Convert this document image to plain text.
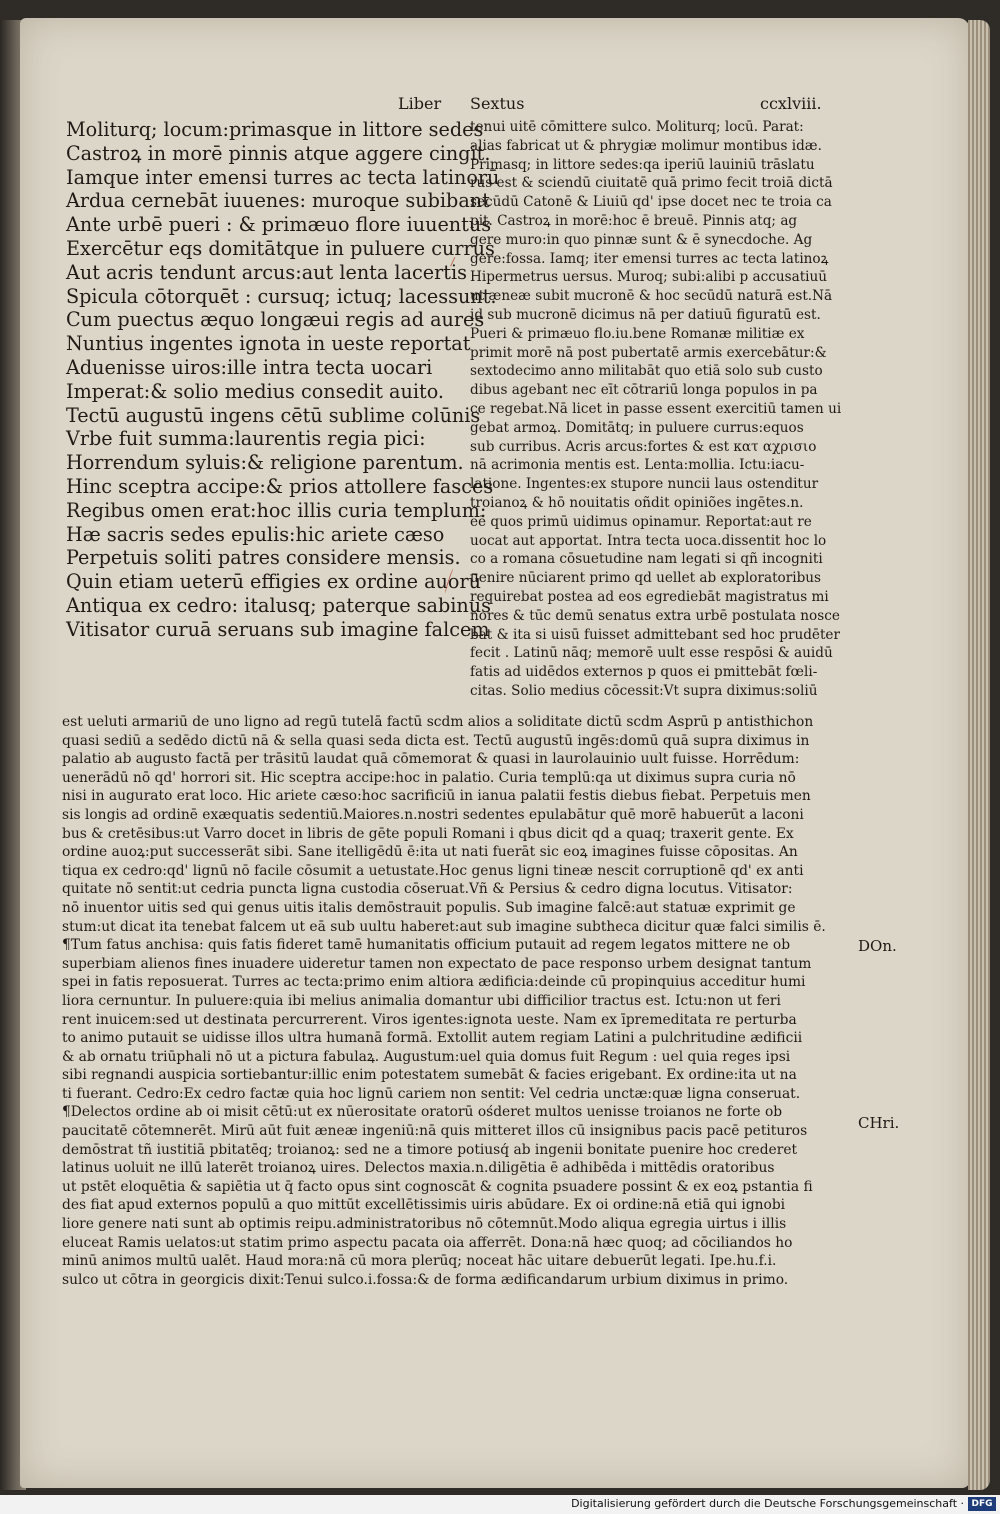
Liber Sextus	ccxlviii.
Moliturq; locum:primasque in littore sedes
Castroꝝ in morē pinnis atque aggere cingit.
Iamque inter emensi turres ac tecta latinorū
Ardua cernebāt iuuenes: muroque subibant
Ante urbē pueri : & primæuo flore iuuentus
Exercētur eqs domitātque in puluere currus
Aut acris tendunt arcus:aut lenta lacertis
Spicula cōtorquēt : cursuq; ictuq; lacessunt.
Cum puectus æquo longæui regis ad aures
Nuntius ingentes ignota in ueste reportat
Aduenisse uiros:ille intra tecta uocari
Imperat:& solio medius consedit auito.
Tectū augustū ingens cētū sublime colūnis
Vrbe fuit summa:laurentis regia pici:
Horrendum syluis:& religione parentum.
Hinc sceptra accipe:& prios attollere fasces
Regibus omen erat:hoc illis curia templum:
Hæ sacris sedes epulis:hic ariete cæso
Perpetuis soliti patres considere mensis.
Quin etiam ueterū effigies ex ordine auorū
Antiqua ex cedro: italusq; paterque sabinus
Vitisator curuā seruans sub imagine falcem
tenui uitē cōmittere sulco. Moliturq; locū. Parat:
alias fabricat ut & phrygiæ molimur montibus idæ.
Primasq; in littore sedes:qa iperiū lauiniū trāslatu
rus est & sciendū ciuitatē quā primo fecit troiā dictā
secūdū Catonē & Liuiū qd' ipse docet nec te troia ca
pit. Castroꝝ in morē:hoc ē breuē. Pinnis atq; ag
gere muro:in quo pinnæ sunt & ē synecdoche. Ag
gere:fossa. Iamq; iter emensi turres ac tecta latinoꝝ
Hipermetrus uersus. Muroq; subi:alibi p accusatiuū
ut æneæ subit mucronē & hoc secūdū naturā est.Nā
id sub mucronē dicimus nā per datiuū figuratū est.
Pueri & primæuo flo.iu.bene Romanæ militiæ ex
primit morē nā post pubertatē armis exercebātur:&
sextodecimo anno militabāt quo etiā solo sub custo
dibus agebant nec eīt cōtrariū longa populos in pa
ce regebat.Nā licet in passe essent exercitiū tamen ui
gebat armoꝝ. Domitātq; in puluere currus:equos
sub curribus. Acris arcus:fortes & est κατ αχρισιο
nā acrimonia mentis est. Lenta:mollia. Ictu:iacu-
latione. Ingentes:ex stupore nuncii laus ostenditur
troianoꝝ & hō nouitatis oñdit opiniões ingētes.n.
eē quos primū uidimus opinamur. Reportat:aut re
uocat aut apportat. Intra tecta uoca.dissentit hoc lo
co a romana cōsuetudine nam legati si qñ incogniti
uenire nūciarent primo qd uellet ab exploratoribus
requirebat postea ad eos egrediebāt magistratus mi
nores & tūc demū senatus extra urbē postulata nosce
bat & ita si uisū fuisset admittebant sed hoc prudēter
fecit . Latinū nāq; memorē uult esse respōsi & auidū
fatis ad uidēdos externos p quos ei pmittebāt fœli-
citas. Solio medius cōcessit:Vt supra diximus:soliū
est ueluti armariū de uno ligno ad regū tutelā factū scdm alios a soliditate dictū scdm Asprū p antisthichon
quasi sediū a sedēdo dictū nā & sella quasi seda dicta est. Tectū augustū ingēs:domū quā supra diximus in
palatio ab augusto factā per trāsitū laudat quā cōmemorat & quasi in laurolauinio uult fuisse. Horrēdum:
uenerādū nō qd' horrori sit. Hic sceptra accipe:hoc in palatio. Curia templū:qa ut diximus supra curia nō
nisi in augurato erat loco. Hic ariete cæso:hoc sacrificiū in ianua palatii festis diebus fiebat. Perpetuis men
sis longis ad ordinē exæquatis sedentiū.Maiores.n.nostri sedentes epulabātur quē morē habuerūt a laconi
bus & cretēsibus:ut Varro docet in libris de gēte populi Romani i qbus dicit qd a quaq; traxerit gente. Ex
ordine auoꝝ:put successerāt sibi. Sane itelligēdū ē:ita ut nati fuerāt sic eoꝝ imagines fuisse cōpositas. An
tiqua ex cedro:qd' lignū nō facile cōsumit a uetustate.Hoc genus ligni tineæ nescit corruptionē qd' ex anti
quitate nō sentit:ut cedria puncta ligna custodia cōseruat.Vñ & Persius & cedro digna locutus. Vitisator:
nō inuentor uitis sed qui genus uitis italis demōstrauit populis. Sub imagine falcē:aut statuæ exprimit ge
stum:ut dicat ita tenebat falcem ut eā sub uultu haberet:aut sub imagine subtheca dicitur quæ falci similis ē.
¶Tum fatus anchisa: quis fatis fideret tamē humanitatis officium putauit ad regem legatos mittere ne ob
superbiam alienos fines inuadere uideretur tamen non expectato de pace responso urbem designat tantum
spei in fatis reposuerat. Turres ac tecta:primo enim altiora ædificia:deinde cū propinquius acceditur humi
liora cernuntur. In puluere:quia ibi melius animalia domantur ubi difficilior tractus est. Ictu:non ut feri
rent inuicem:sed ut destinata percurrerent. Viros igentes:ignota ueste. Nam ex īpremeditata re perturba
to animo putauit se uidisse illos ultra humanā formā. Extollit autem regiam Latini a pulchritudine ædificii
& ab ornatu triūphali nō ut a pictura fabulaꝝ. Augustum:uel quia domus fuit Regum : uel quia reges ipsi
sibi regnandi auspicia sortiebantur:illic enim potestatem sumebāt & facies erigebant. Ex ordine:ita ut na
ti fuerant. Cedro:Ex cedro factæ quia hoc lignū cariem non sentit: Vel cedria unctæ:quæ ligna conseruat.
¶Delectos ordine ab oi misit cētū:ut ex nūerositate oratorū ośderet multos uenisse troianos ne forte ob
paucitatē cōtemnerēt. Mirū aūt fuit æneæ ingeniū:nā quis mitteret illos cū insignibus pacis pacē petituros
demōstrat tñ iustitiā pbitatēq; troianoꝝ: sed ne a timore potiusq́ ab ingenii bonitate puenire hoc crederet
latinus uoluit ne illū laterēt troianoꝝ uires. Delectos maxia.n.diligētia ē adhibēda i mittēdis oratoribus
ut pstēt eloquētia & sapiētia ut q̄ facto opus sint cognoscāt & cognita psuadere possint & ex eoꝝ pstantia fi
des fiat apud externos populū a quo mittūt excellētissimis uiris abūdare. Ex oi ordine:nā etiā qui ignobi
liore genere nati sunt ab optimis reipu.administratoribus nō cōtemnūt.Modo aliqua egregia uirtus i illis
eluceat Ramis uelatos:ut statim primo aspectu pacata oia afferrēt. Dona:nā hæc quoq; ad cōciliandos ho
minū animos multū ualēt. Haud mora:nā cū mora plerūq; noceat hāc uitare debuerūt legati. Ipe.hu.f.i.
sulco ut cōtra in georgicis dixit:Tenui sulco.i.fossa:& de forma ædificandarum urbium diximus in primo.
DOn.
CHri.
Digitalisierung gefördert durch die Deutsche Forschungsgemeinschaft · DFG
